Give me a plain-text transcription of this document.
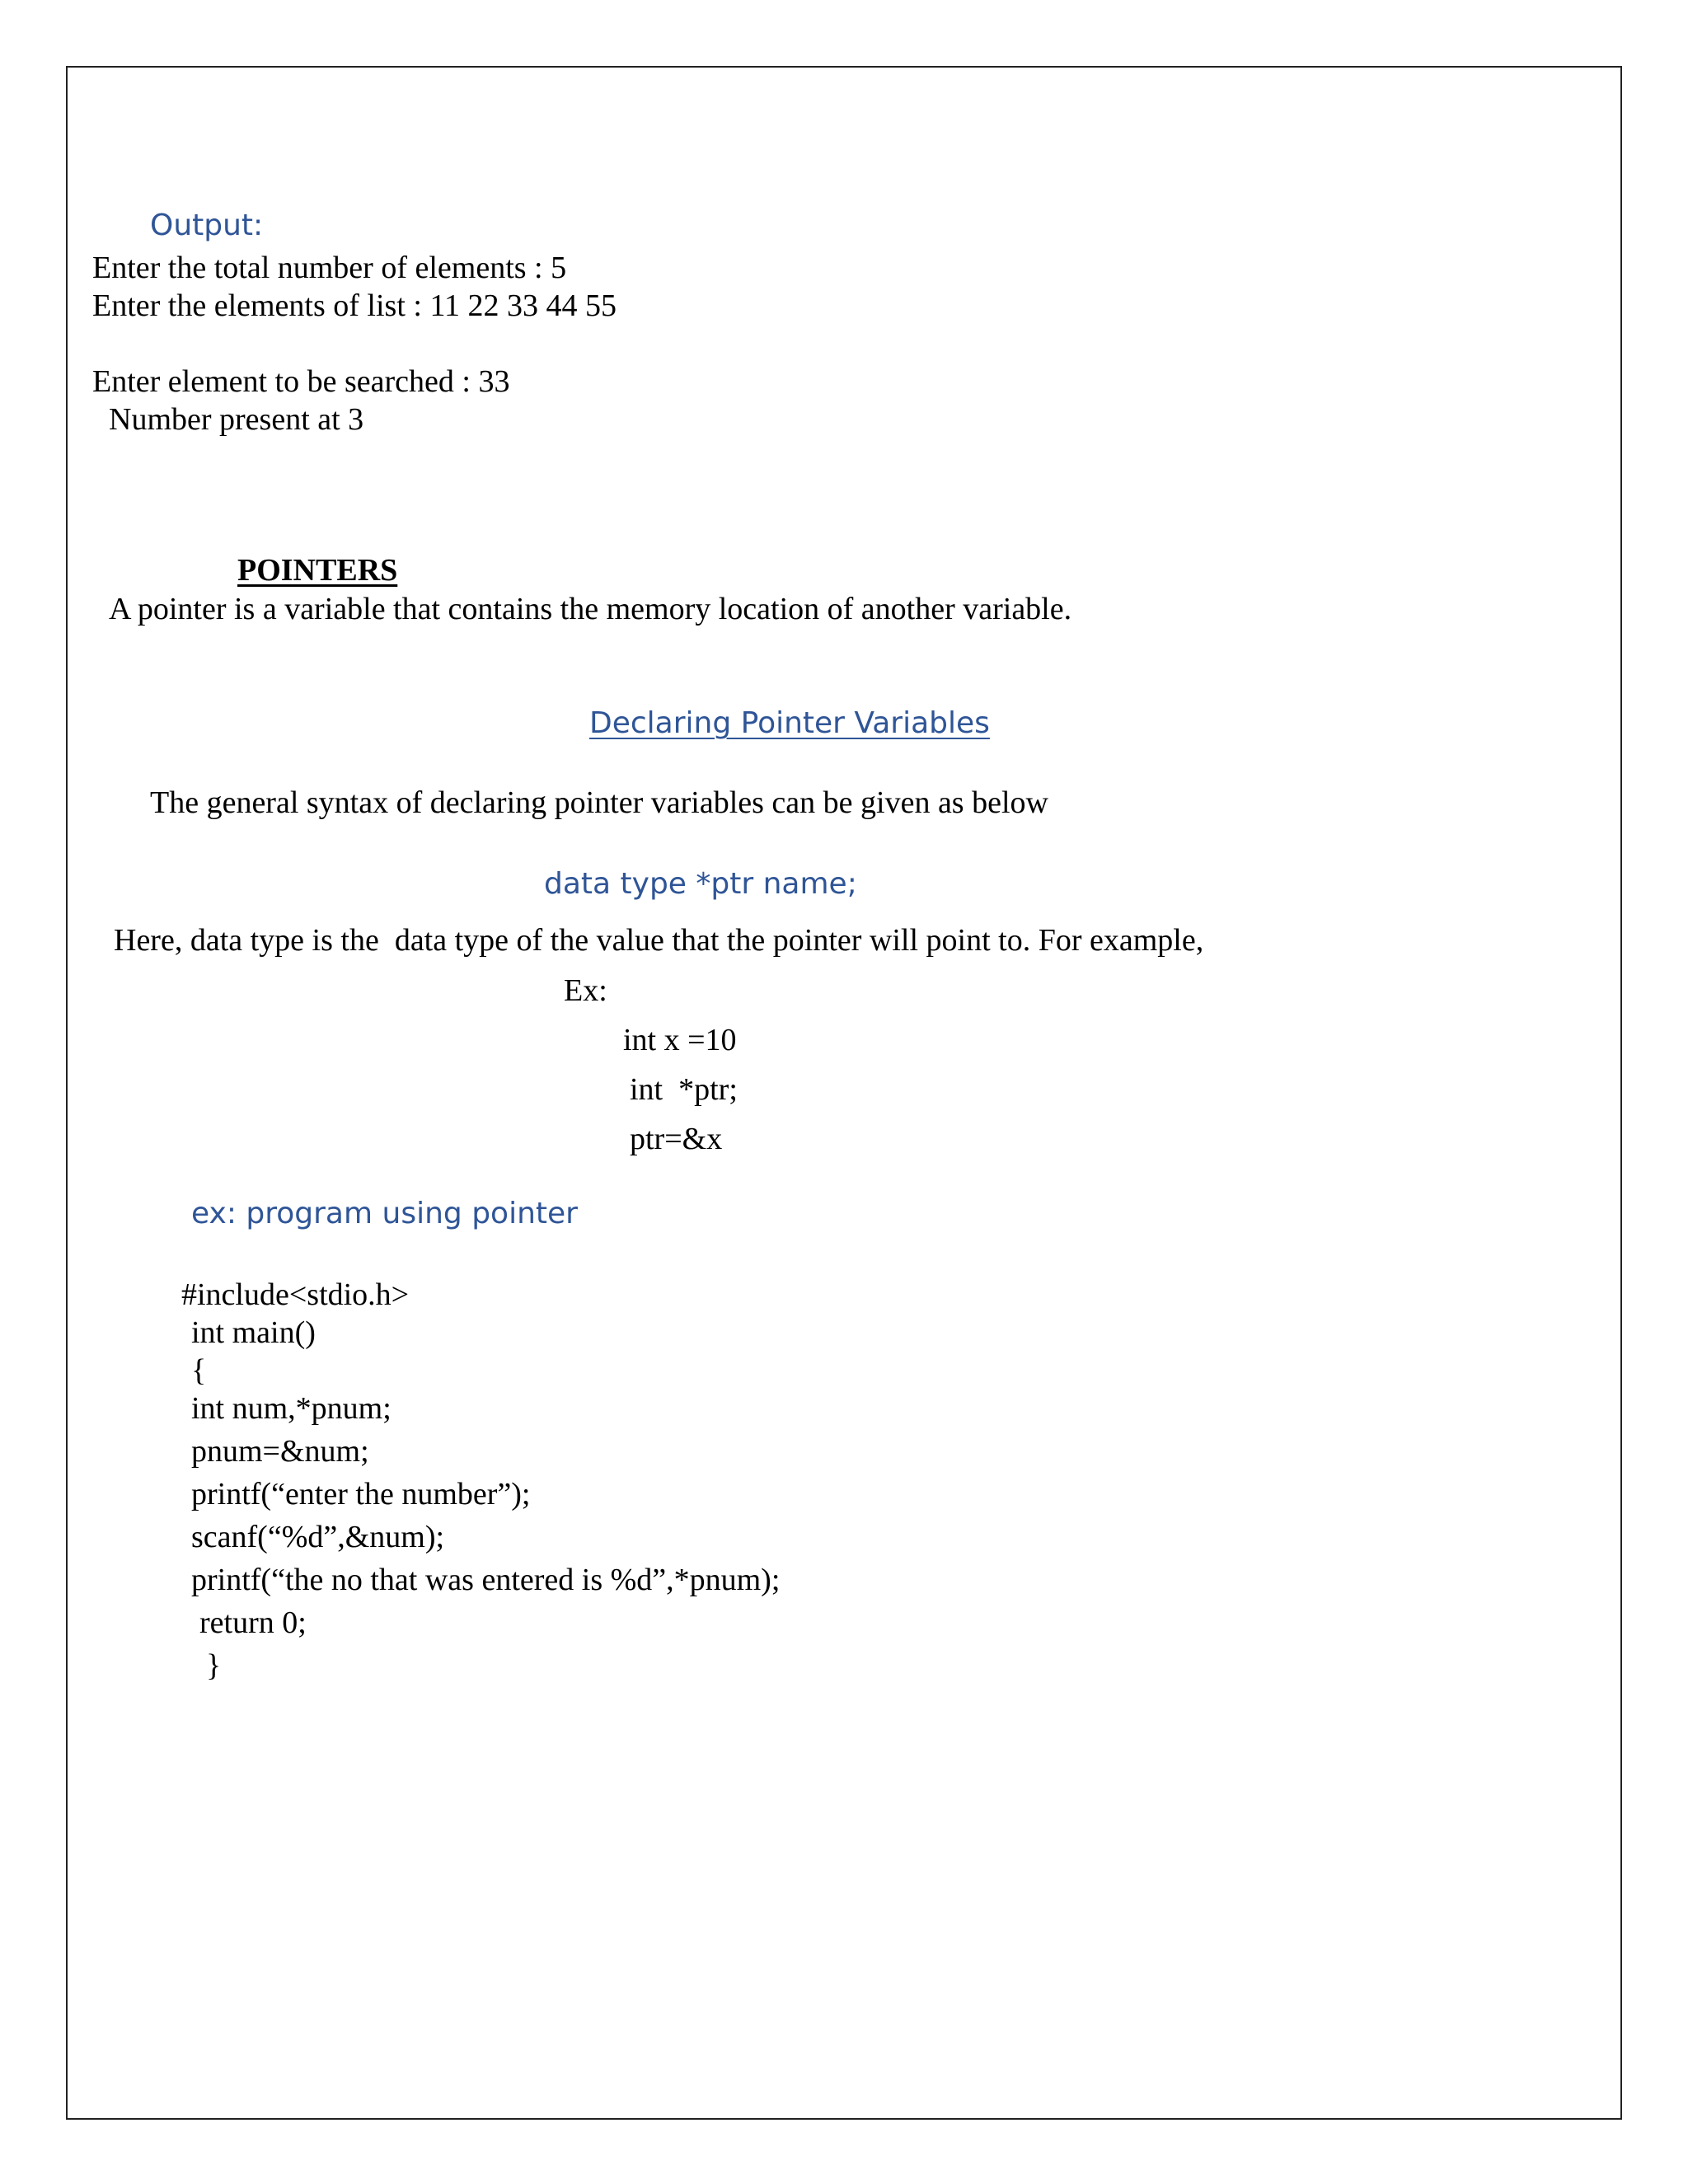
Output:
Enter the total number of elements : 5
Enter the elements of list : 11 22 33 44 55
Enter element to be searched : 33
Number present at 3
POINTERS
A pointer is a variable that contains the memory location of another variable.
Declaring Pointer Variables
The general syntax of declaring pointer variables can be given as below
data type *ptr name;
Here, data type is the  data type of the value that the pointer will point to. For example,
Ex:
int x =10
int  *ptr;
ptr=&x
ex: program using pointer
#include<stdio.h>
int main()
{
int num,*pnum;
pnum=&num;
printf(“enter the number”);
scanf(“%d”,&num);
printf(“the no that was entered is %d”,*pnum);
return 0;
}
